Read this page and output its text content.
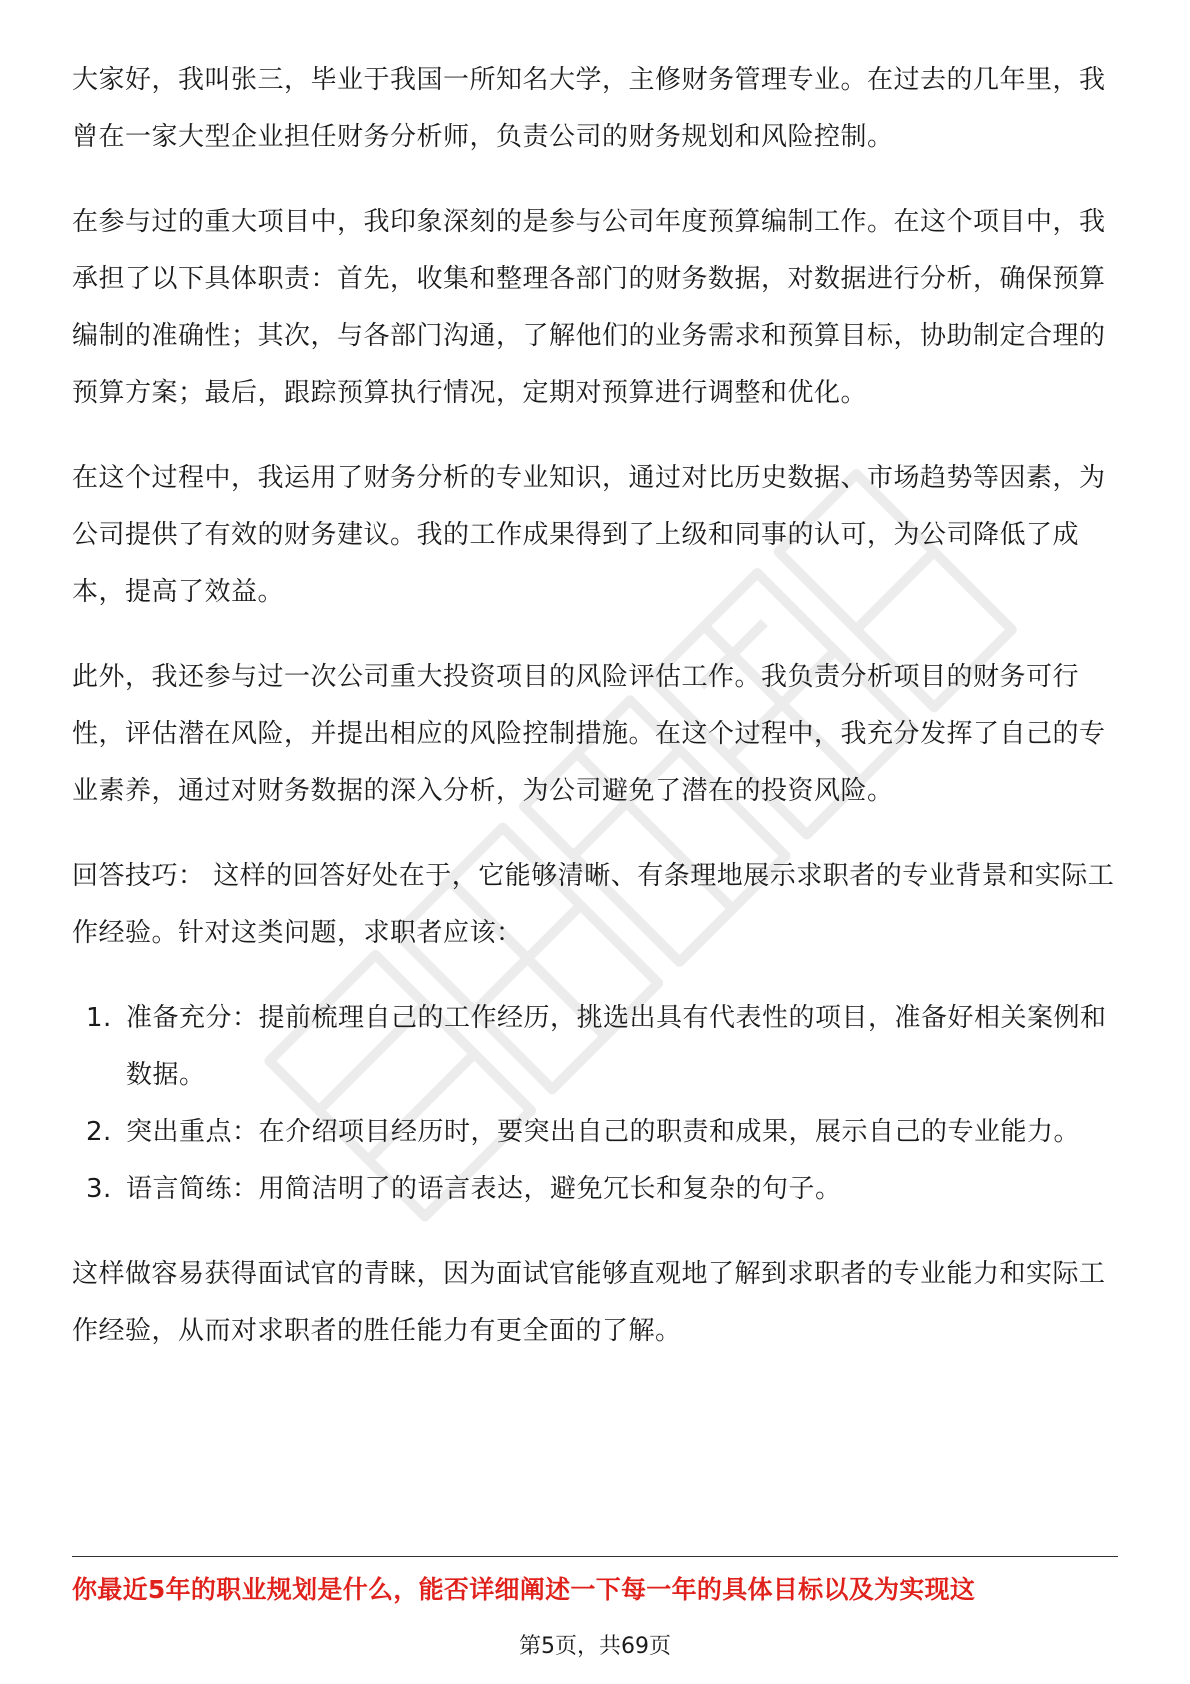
大家好，我叫张三，毕业于我国一所知名大学，主修财务管理专业。在过去的几年里，我曾在一家大型企业担任财务分析师，负责公司的财务规划和风险控制。

在参与过的重大项目中，我印象深刻的是参与公司年度预算编制工作。在这个项目中，我承担了以下具体职责：首先，收集和整理各部门的财务数据，对数据进行分析，确保预算编制的准确性；其次，与各部门沟通，了解他们的业务需求和预算目标，协助制定合理的预算方案；最后，跟踪预算执行情况，定期对预算进行调整和优化。

在这个过程中，我运用了财务分析的专业知识，通过对比历史数据、市场趋势等因素，为公司提供了有效的财务建议。我的工作成果得到了上级和同事的认可，为公司降低了成本，提高了效益。

此外，我还参与过一次公司重大投资项目的风险评估工作。我负责分析项目的财务可行性，评估潜在风险，并提出相应的风险控制措施。在这个过程中，我充分发挥了自己的专业素养，通过对财务数据的深入分析，为公司避免了潜在的投资风险。

回答技巧： 这样的回答好处在于，它能够清晰、有条理地展示求职者的专业背景和实际工作经验。针对这类问题，求职者应该：

1. 准备充分：提前梳理自己的工作经历，挑选出具有代表性的项目，准备好相关案例和数据。
2. 突出重点：在介绍项目经历时，要突出自己的职责和成果，展示自己的专业能力。
3. 语言简练：用简洁明了的语言表达，避免冗长和复杂的句子。

这样做容易获得面试官的青睐，因为面试官能够直观地了解到求职者的专业能力和实际工作经验，从而对求职者的胜任能力有更全面的了解。

你最近5年的职业规划是什么，能否详细阐述一下每一年的具体目标以及为实现这
第5页，共69页
